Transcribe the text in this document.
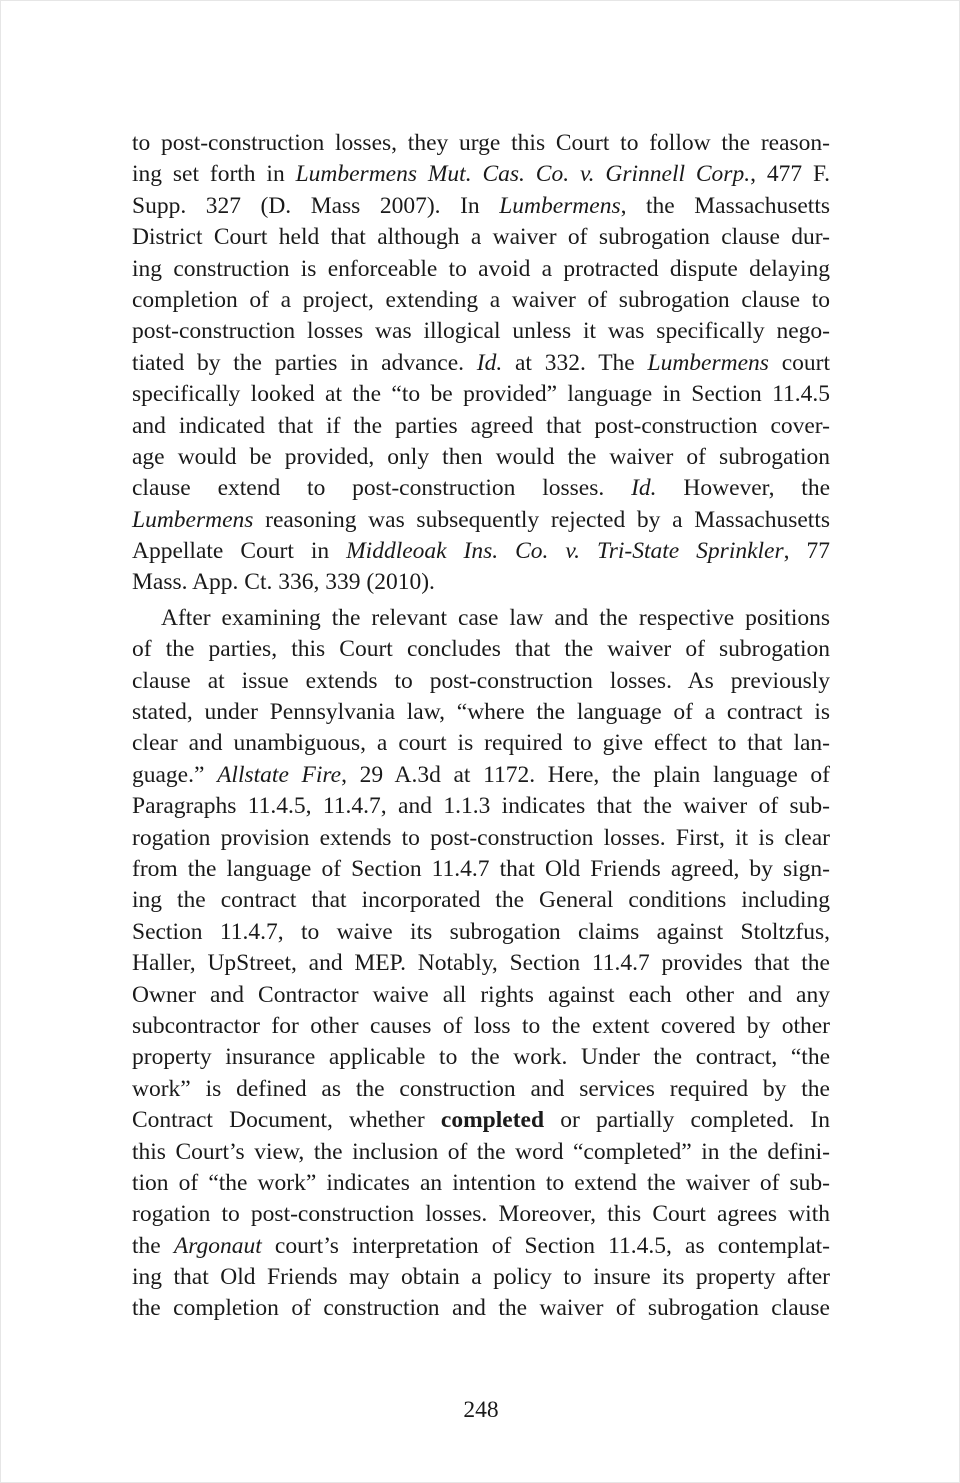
to post-construction losses, they urge this Court to follow the reason-
ing set forth in Lumbermens Mut. Cas. Co. v. Grinnell Corp., 477 F.
Supp. 327 (D. Mass 2007). In Lumbermens, the Massachusetts
District Court held that although a waiver of subrogation clause dur-
ing construction is enforceable to avoid a protracted dispute delaying
completion of a project, extending a waiver of subrogation clause to
post-construction losses was illogical unless it was specifically nego-
tiated by the parties in advance. Id. at 332. The Lumbermens court
specifically looked at the “to be provided” language in Section 11.4.5
and indicated that if the parties agreed that post-construction cover-
age would be provided, only then would the waiver of subrogation
clause extend to post-construction losses. Id. However, the
Lumbermens reasoning was subsequently rejected by a Massachusetts
Appellate Court in Middleoak Ins. Co. v. Tri-State Sprinkler, 77
Mass. App. Ct. 336, 339 (2010).
After examining the relevant case law and the respective positions
of the parties, this Court concludes that the waiver of subrogation
clause at issue extends to post-construction losses. As previously
stated, under Pennsylvania law, “where the language of a contract is
clear and unambiguous, a court is required to give effect to that lan-
guage.” Allstate Fire, 29 A.3d at 1172. Here, the plain language of
Paragraphs 11.4.5, 11.4.7, and 1.1.3 indicates that the waiver of sub-
rogation provision extends to post-construction losses. First, it is clear
from the language of Section 11.4.7 that Old Friends agreed, by sign-
ing the contract that incorporated the General conditions including
Section 11.4.7, to waive its subrogation claims against Stoltzfus,
Haller, UpStreet, and MEP. Notably, Section 11.4.7 provides that the
Owner and Contractor waive all rights against each other and any
subcontractor for other causes of loss to the extent covered by other
property insurance applicable to the work. Under the contract, “the
work” is defined as the construction and services required by the
Contract Document, whether completed or partially completed. In
this Court’s view, the inclusion of the word “completed” in the defini-
tion of “the work” indicates an intention to extend the waiver of sub-
rogation to post-construction losses. Moreover, this Court agrees with
the Argonaut court’s interpretation of Section 11.4.5, as contemplat-
ing that Old Friends may obtain a policy to insure its property after
the completion of construction and the waiver of subrogation clause
248
